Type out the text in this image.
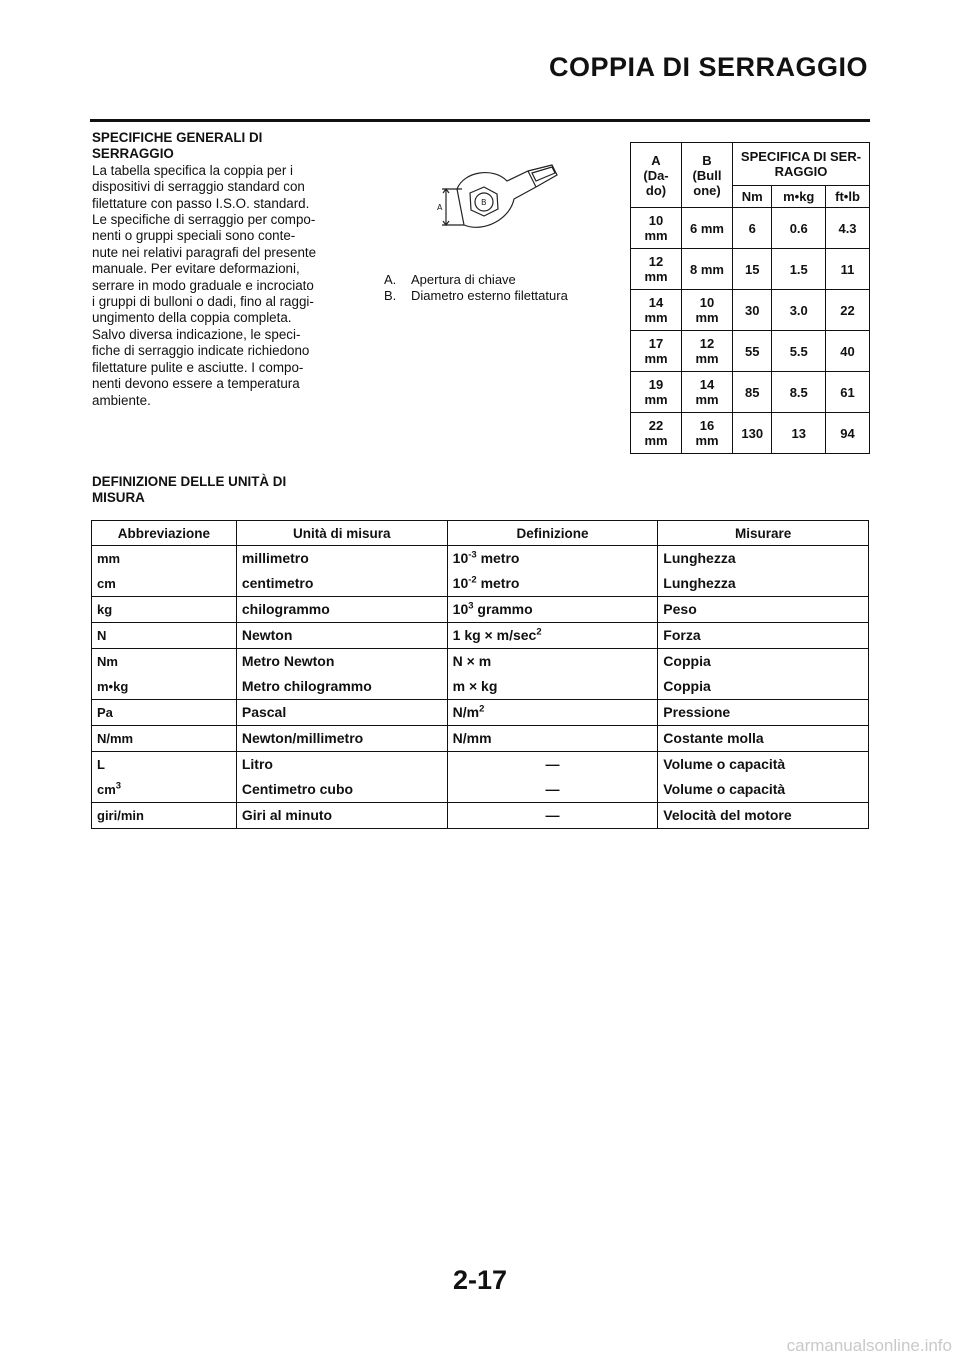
COPPIA DI SERRAGGIO
SPECIFICHE GENERALI DI
SERRAGGIO

La tabella specifica la coppia per i
dispositivi di serraggio standard con
filettature con passo I.S.O. standard.
Le specifiche di serraggio per compo-
nenti o gruppi speciali sono conte-
nute nei relativi paragrafi del presente
manuale. Per evitare deformazioni,
serrare in modo graduale e incrociato
i gruppi di bulloni o dadi, fino al raggi-
ungimento della coppia completa.
Salvo diversa indicazione, le speci-
fiche di serraggio indicate richiedono
filettature pulite e asciutte. I compo-
nenti devono essere a temperatura
ambiente.

A
B
A.	Apertura di chiave
B.	Diametro esterno filettatura
A
(Da-
do)	B
(Bull
one)	SPECIFICA DI SER-
RAGGIO		

		Nm	m•kg	ft•lb

10
mm	6 mm	6	0.6	4.3

12
mm	8 mm	15	1.5	11

14
mm	10
mm	30	3.0	22

17
mm	12
mm	55	5.5	40

19
mm	14
mm	85	8.5	61

22
mm	16
mm	130	13	94
DEFINIZIONE DELLE UNITÀ DI
MISURA
Abbreviazione	Unità di misura	Definizione	Misurare
mm	millimetro	$10^{-3}$ metro	Lunghezza
cm	centimetro	$10^{-2}$ metro	Lunghezza
kg	chilogrammo	$10^3$ grammo	Peso
N	Newton	1 kg × $m/\sec^2$	Forza
Nm	Metro Newton	N × m	Coppia
m•kg	Metro chilogrammo	m × kg	Coppia
Pa	Pascal	$N/m^2$	Pressione
N/mm	Newton/millimetro	N/mm	Costante molla
L	Litro	—	Volume o capacità
$cm^3$	Centimetro cubo	—	Volume o capacità
giri/min	Giri al minuto	—	Velocità del motore
2-17
carmanualsonline.info
